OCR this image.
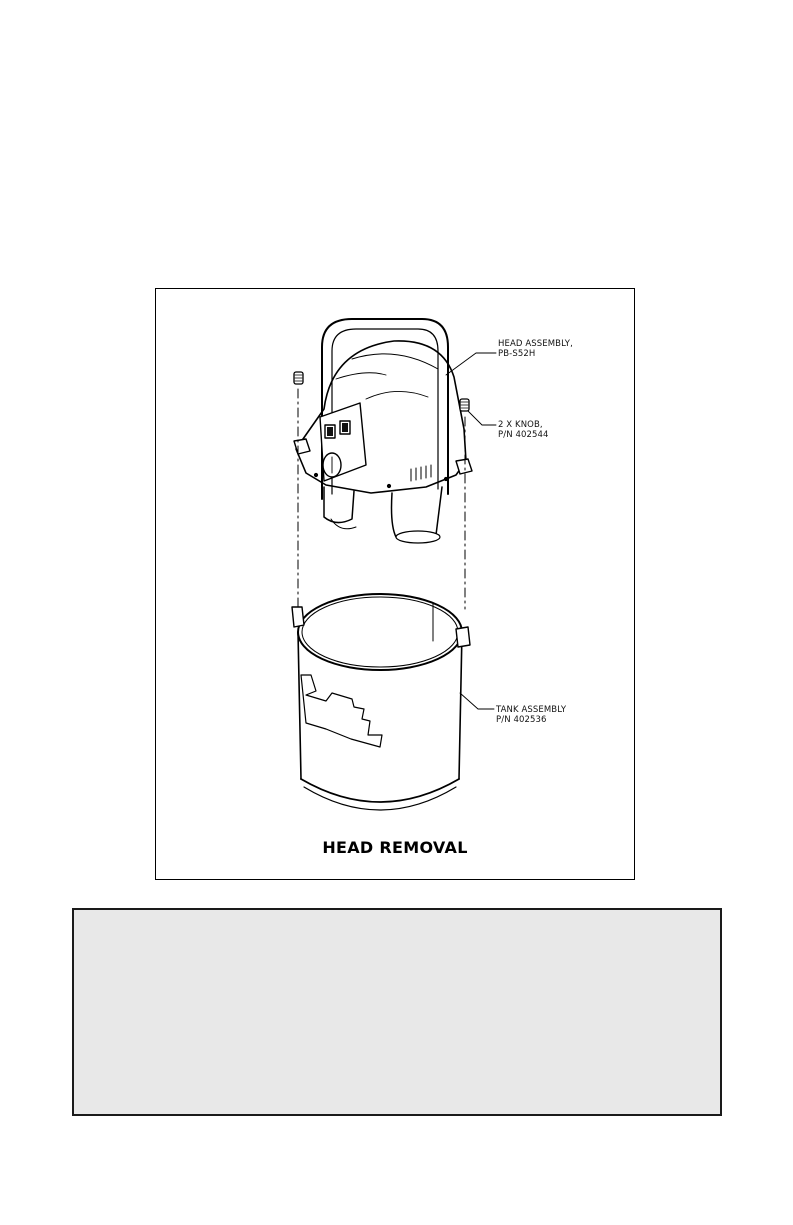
HEAD ASSEMBLY,
PB-S52H
2 X KNOB,
P/N 402544
TANK ASSEMBLY
P/N 402536
HEAD REMOVAL
